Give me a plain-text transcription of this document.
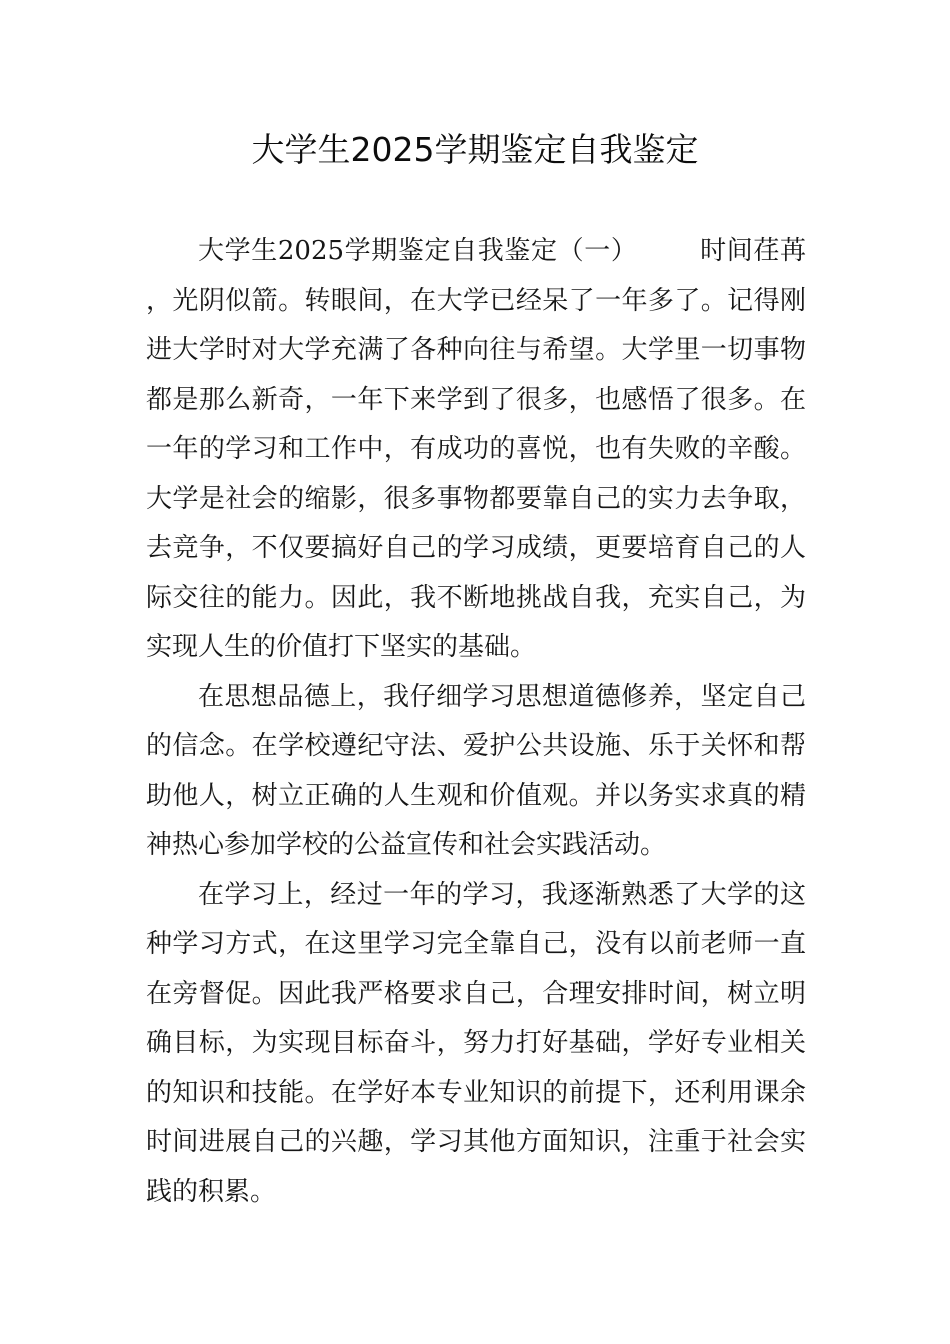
大学生2025学期鉴定自我鉴定

大学生2025学期鉴定自我鉴定（一） 时间荏苒，光阴似箭。转眼间，在大学已经呆了一年多了。记得刚进大学时对大学充满了各种向往与希望。大学里一切事物都是那么新奇，一年下来学到了很多，也感悟了很多。在一年的学习和工作中，有成功的喜悦，也有失败的辛酸。大学是社会的缩影，很多事物都要靠自己的实力去争取，去竞争，不仅要搞好自己的学习成绩，更要培育自己的人际交往的能力。因此，我不断地挑战自我，充实自己，为实现人生的价值打下坚实的基础。

在思想品德上，我仔细学习思想道德修养，坚定自己的信念。在学校遵纪守法、爱护公共设施、乐于关怀和帮助他人，树立正确的人生观和价值观。并以务实求真的精神热心参加学校的公益宣传和社会实践活动。

在学习上，经过一年的学习，我逐渐熟悉了大学的这种学习方式，在这里学习完全靠自己，没有以前老师一直在旁督促。因此我严格要求自己，合理安排时间，树立明确目标，为实现目标奋斗，努力打好基础，学好专业相关的知识和技能。在学好本专业知识的前提下，还利用课余时间进展自己的兴趣，学习其他方面知识，注重于社会实践的积累。
